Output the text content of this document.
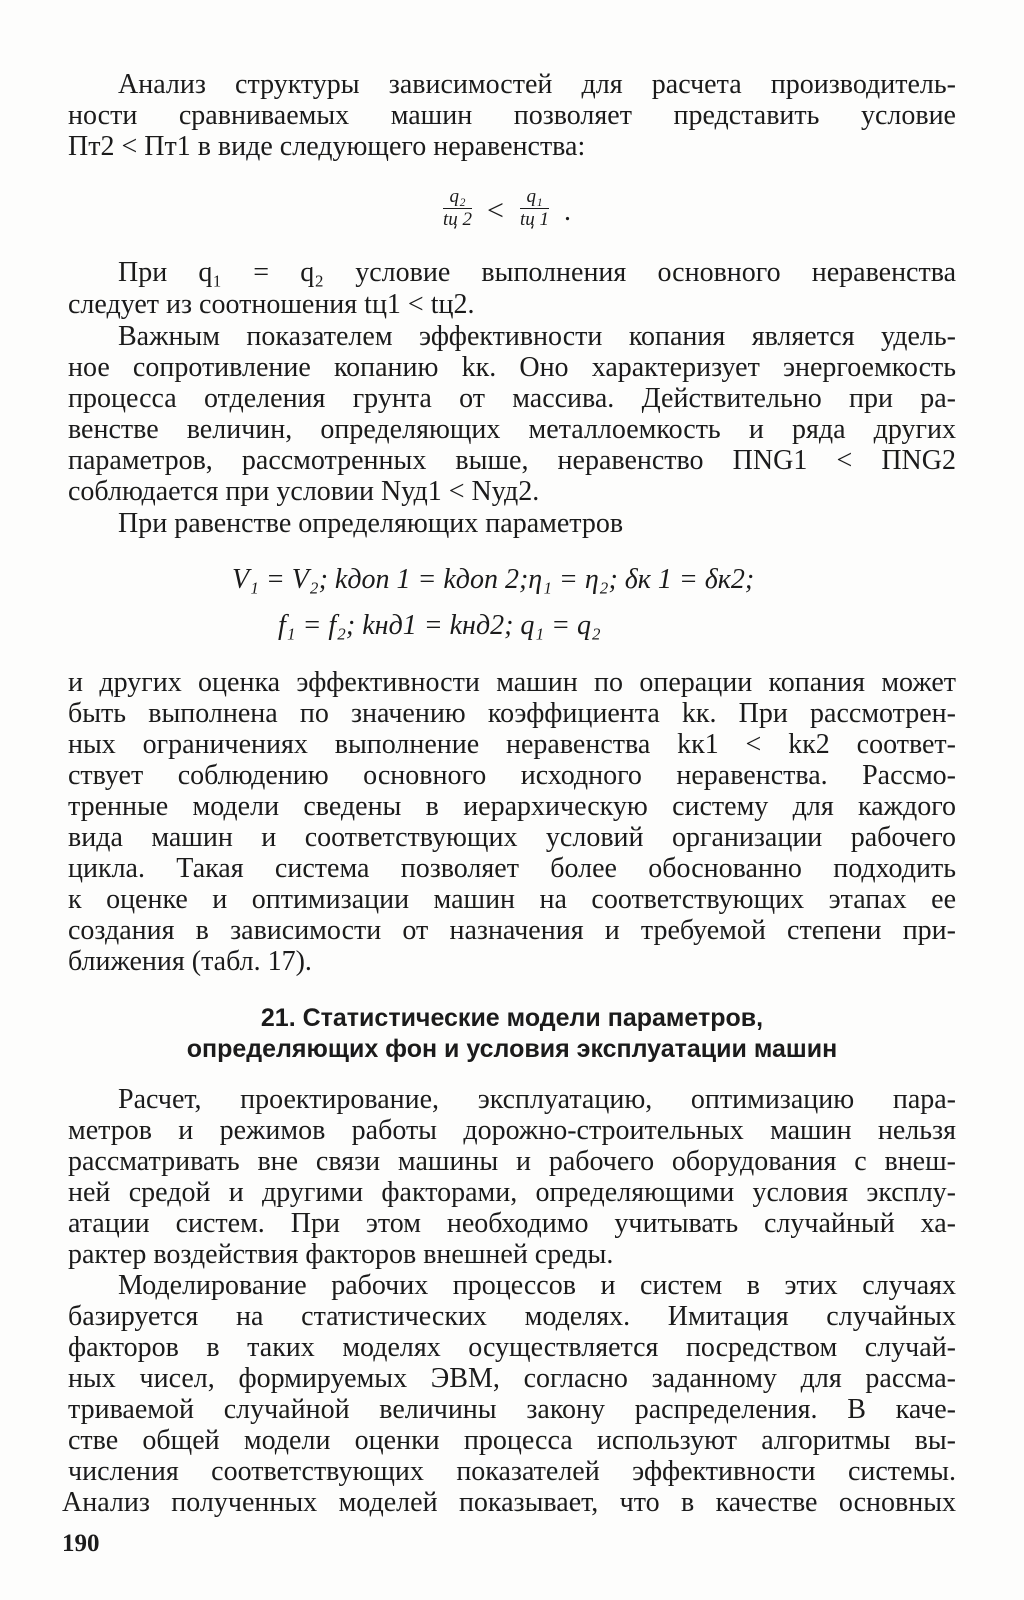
Анализ структуры зависимостей для расчета производитель-
ности сравниваемых машин позволяет представить условие
Пт2 < Пт1 в виде следующего неравенства:
q₂
tц 2 <	q₁
tц 1 .
При q₁ = q₂ условие выполнения основного неравенства
следует из соотношения tц1 < tц2.
Важным показателем эффективности копания является удель-
ное сопротивление копанию kк. Оно характеризует энергоемкость
процесса отделения грунта от массива. Действительно при ра-
венстве величин, определяющих металлоемкость и ряда других
параметров, рассмотренных выше, неравенство ПNG1 < ПNG2
соблюдается при условии Nуд1 < Nуд2.
При равенстве определяющих параметров
V₁ = V₂; kдоп 1 = kдоп 2;η₁ = η₂; δк 1 = δк2;
f₁ = f₂; kнд1 = kнд2; q₁ = q₂
и других оценка эффективности машин по операции копания может
быть выполнена по значению коэффициента kк. При рассмотрен-
ных ограничениях выполнение неравенства kк1 < kк2 соответ-
ствует соблюдению основного исходного неравенства. Рассмо-
тренные модели сведены в иерархическую систему для каждого
вида машин и соответствующих условий организации рабочего
цикла. Такая система позволяет более обоснованно подходить
к оценке и оптимизации машин на соответствующих этапах ее
создания в зависимости от назначения и требуемой степени при-
ближения (табл. 17).
21. Статистические модели параметров,
определяющих фон и условия эксплуатации машин
Расчет, проектирование, эксплуатацию, оптимизацию пара-
метров и режимов работы дорожно-строительных машин нельзя
рассматривать вне связи машины и рабочего оборудования с внеш-
ней средой и другими факторами, определяющими условия эксплу-
атации систем. При этом необходимо учитывать случайный ха-
рактер воздействия факторов внешней среды.
Моделирование рабочих процессов и систем в этих случаях
базируется на статистических моделях. Имитация случайных
факторов в таких моделях осуществляется посредством случай-
ных чисел, формируемых ЭВМ, согласно заданному для рассма-
триваемой случайной величины закону распределения. В каче-
стве общей модели оценки процесса используют алгоритмы вы-
числения соответствующих показателей эффективности системы.
Анализ полученных моделей показывает, что в качестве основных
190
